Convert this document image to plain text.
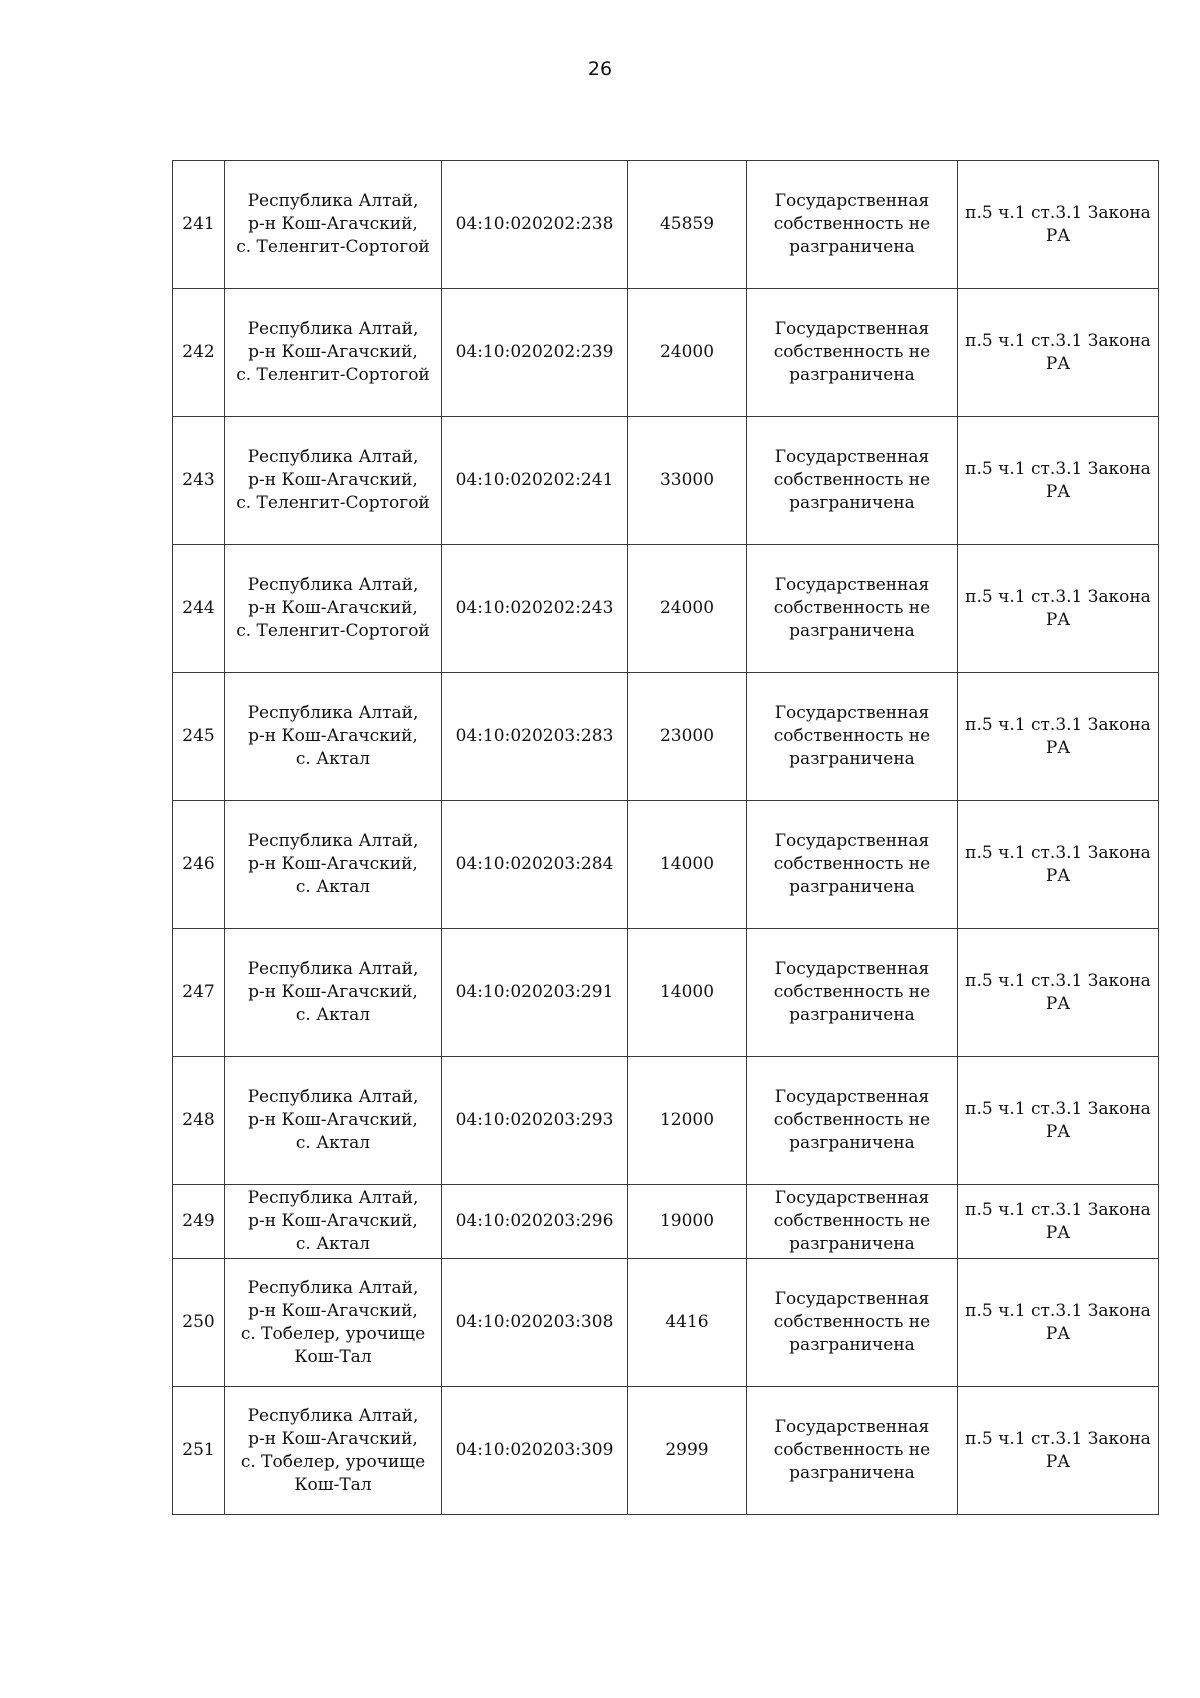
26
241	Республика Алтай,
р-н Кош-Агачский,
с. Теленгит-Сортогой	04:10:020202:238	45859	Государственная
собственность не
разграничена	п.5 ч.1 ст.3.1 Закона
РА

242	Республика Алтай,
р-н Кош-Агачский,
с. Теленгит-Сортогой	04:10:020202:239	24000	Государственная
собственность не
разграничена	п.5 ч.1 ст.3.1 Закона
РА

243	Республика Алтай,
р-н Кош-Агачский,
с. Теленгит-Сортогой	04:10:020202:241	33000	Государственная
собственность не
разграничена	п.5 ч.1 ст.3.1 Закона
РА

244	Республика Алтай,
р-н Кош-Агачский,
с. Теленгит-Сортогой	04:10:020202:243	24000	Государственная
собственность не
разграничена	п.5 ч.1 ст.3.1 Закона
РА

245	Республика Алтай,
р-н Кош-Агачский,
с. Актал	04:10:020203:283	23000	Государственная
собственность не
разграничена	п.5 ч.1 ст.3.1 Закона
РА

246	Республика Алтай,
р-н Кош-Агачский,
с. Актал	04:10:020203:284	14000	Государственная
собственность не
разграничена	п.5 ч.1 ст.3.1 Закона
РА

247	Республика Алтай,
р-н Кош-Агачский,
с. Актал	04:10:020203:291	14000	Государственная
собственность не
разграничена	п.5 ч.1 ст.3.1 Закона
РА

248	Республика Алтай,
р-н Кош-Агачский,
с. Актал	04:10:020203:293	12000	Государственная
собственность не
разграничена	п.5 ч.1 ст.3.1 Закона
РА

249	Республика Алтай,
р-н Кош-Агачский,
с. Актал	04:10:020203:296	19000	Государственная
собственность не
разграничена	п.5 ч.1 ст.3.1 Закона
РА

250	Республика Алтай,
р-н Кош-Агачский,
с. Тобелер, урочище
Кош-Тал	04:10:020203:308	4416	Государственная
собственность не
разграничена	п.5 ч.1 ст.3.1 Закона
РА

251	Республика Алтай,
р-н Кош-Агачский,
с. Тобелер, урочище
Кош-Тал	04:10:020203:309	2999	Государственная
собственность не
разграничена	п.5 ч.1 ст.3.1 Закона
РА
